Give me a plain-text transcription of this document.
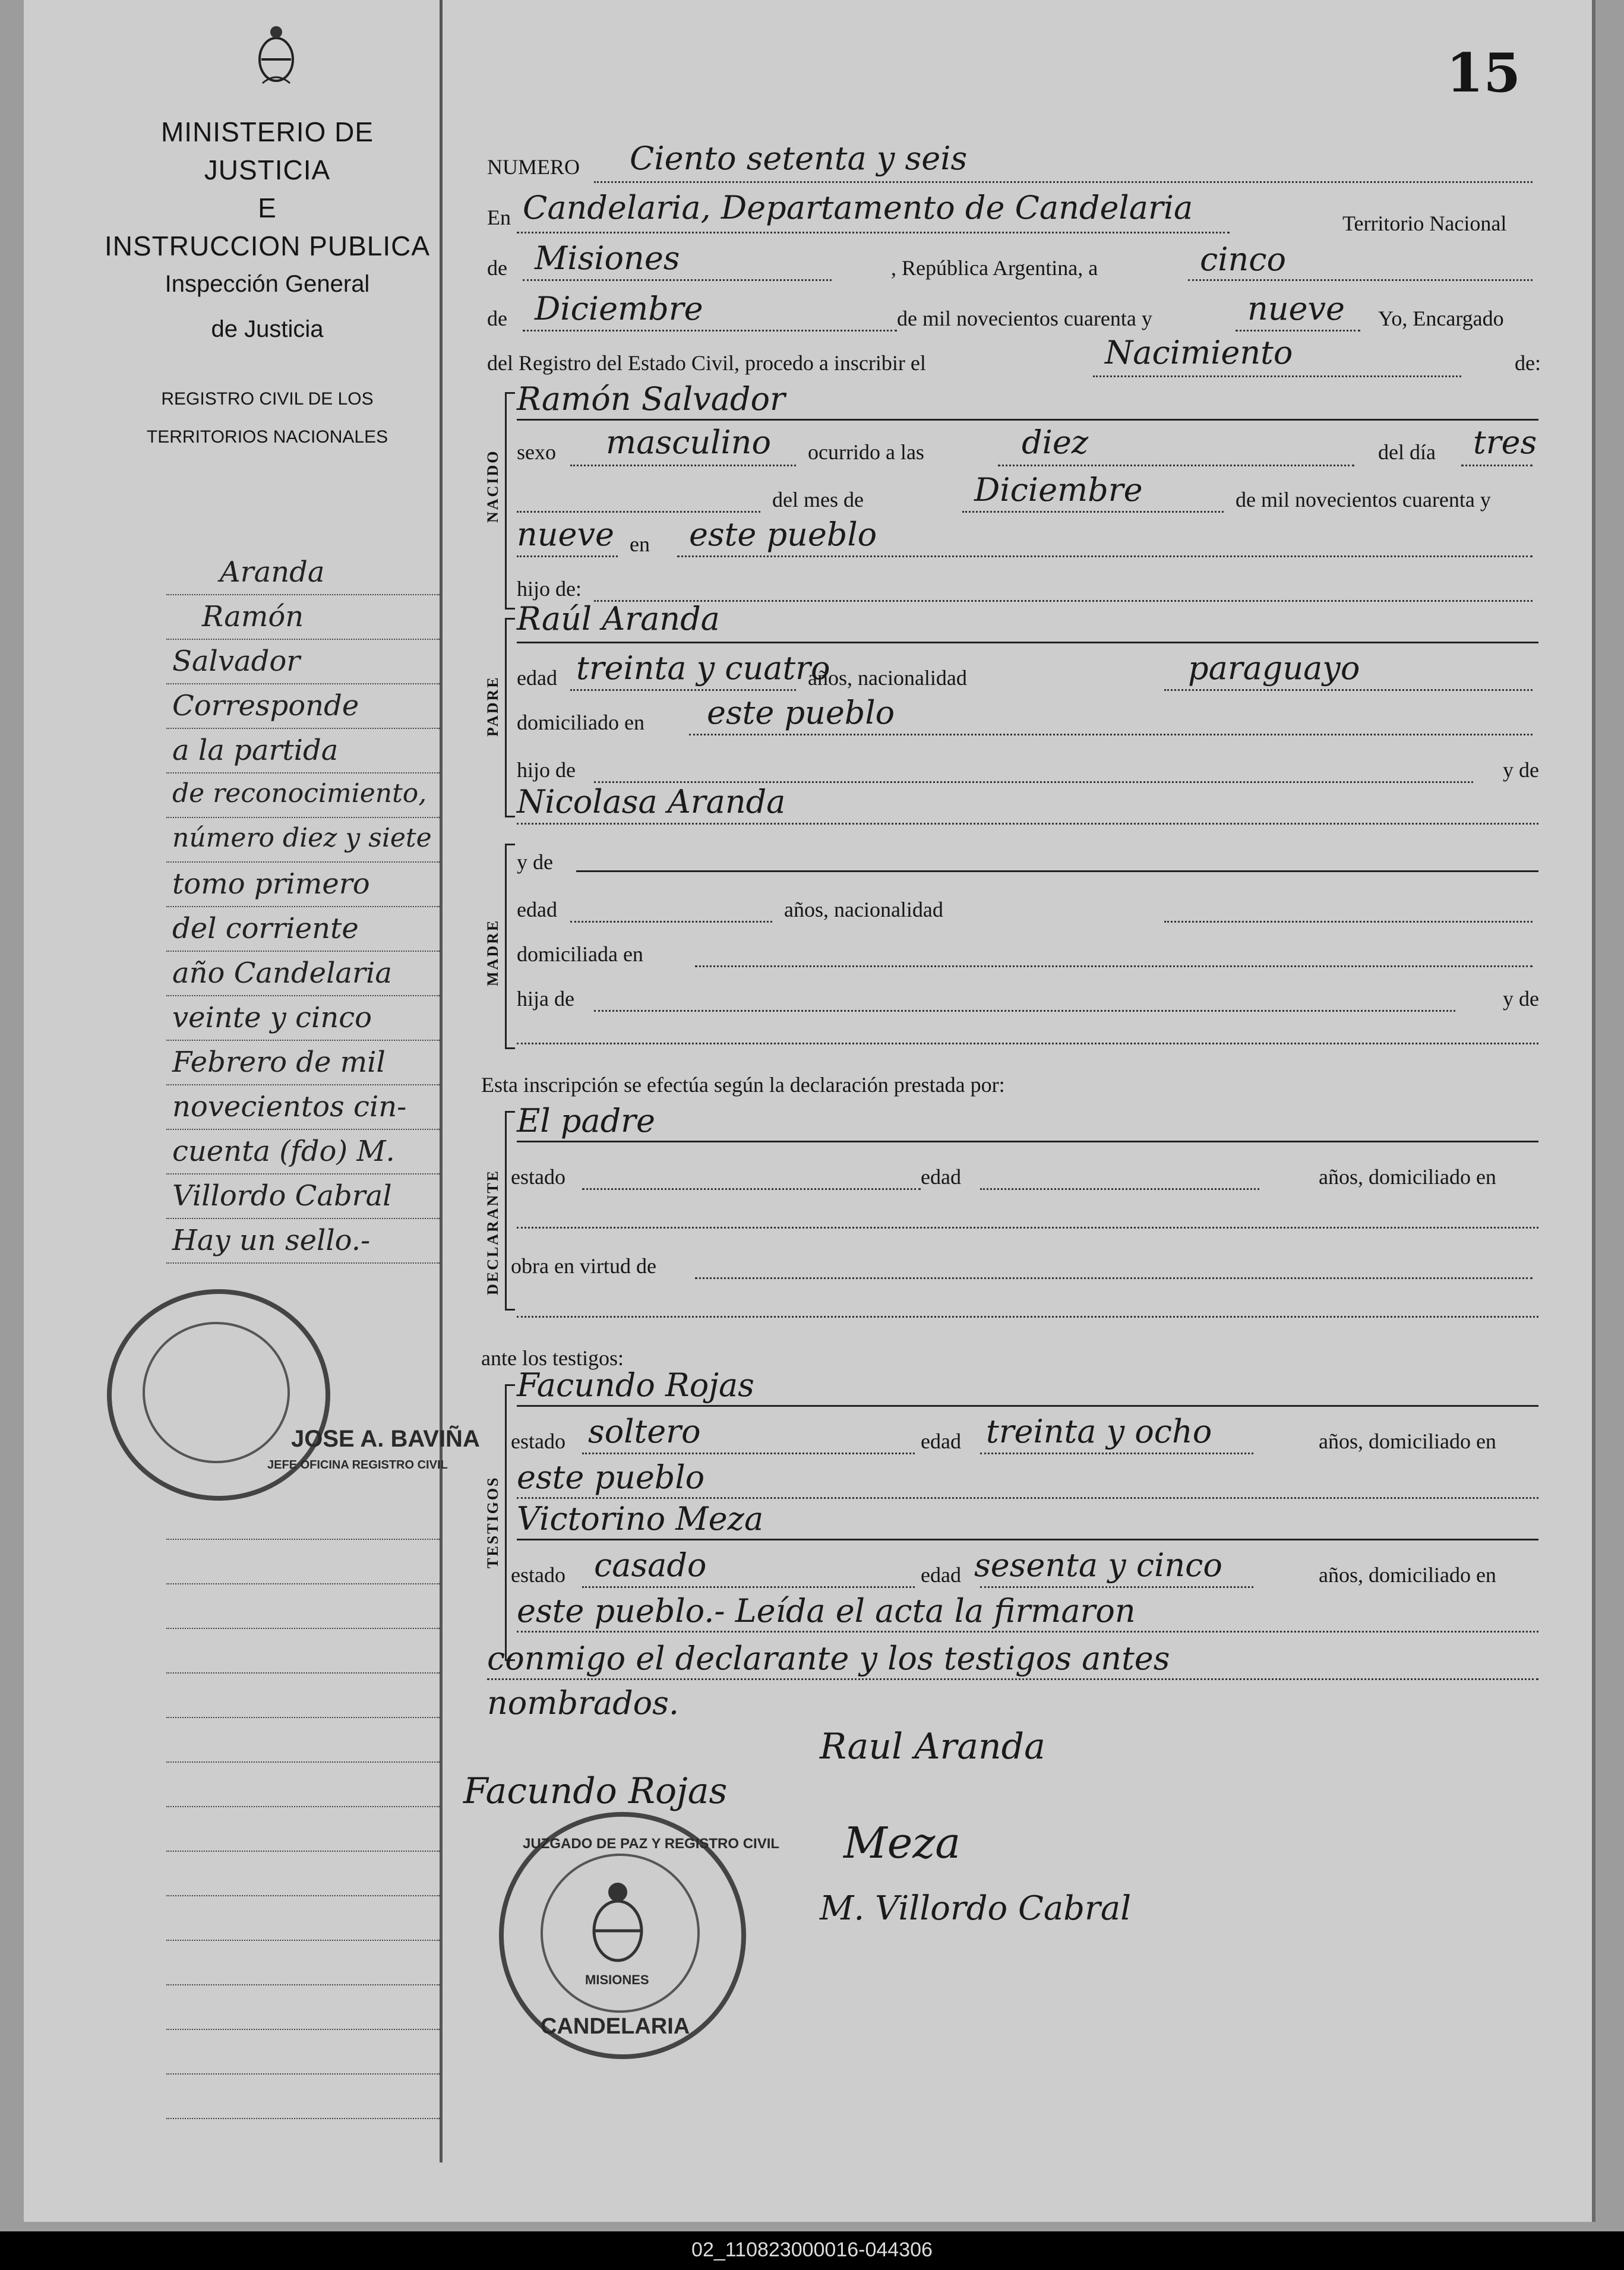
MINISTERIO DE JUSTICIA
E
INSTRUCCION PUBLICA
Inspección General
de Justicia
REGISTRO CIVIL DE LOS
TERRITORIOS NACIONALES
Aranda
Ramón
Salvador
Corresponde
a la partida
de reconocimiento,
número diez y siete
tomo primero
del corriente
año Candelaria
veinte y cinco
Febrero de mil
novecientos cin-
cuenta (fdo) M.
Villordo Cabral
Hay un sello.-
JOSE A. BAVIÑA
JEFE OFICINA REGISTRO CIVIL
15
NUMERO Ciento setenta y seis
En Candelaria, Departamento de Candelaria	Territorio Nacional
de Misiones	, República Argentina, a	cinco
de Diciembre	de mil novecientos cuarenta y	nueve Yo, Encargado
del Registro del Estado Civil, procedo a inscribir el	Nacimiento	de:
NACIDO
Ramón Salvador
sexo masculino ocurrido a las	diez	del día tres
del mes de	Diciembre	de mil novecientos cuarenta y
nueve en este pueblo
hijo de:
PADRE
Raúl Aranda
edad treinta y cuatro
años, nacionalidad	paraguayo
domiciliado en este pueblo
hijo de	y de
Nicolasa Aranda
MADRE
y de
edad	años, nacionalidad
domiciliada en
hija de	y de
Esta inscripción se efectúa según la declaración prestada por:
DECLARANTE
El padre
estado	edad	años, domiciliado en
obra en virtud de
ante los testigos:
TESTIGOS
Facundo Rojas
estado soltero	edad treinta y ocho	años, domiciliado en
este pueblo
Victorino Meza
estado casado	edad sesenta y cinco	años, domiciliado en
este pueblo.- Leída el acta la firmaron
conmigo el declarante y los testigos antes
nombrados.
Raul Aranda
Facundo Rojas
Meza
M. Villordo Cabral
JUZGADO DE PAZ Y REGISTRO CIVIL
MISIONES
CANDELARIA
02_110823000016-044306
